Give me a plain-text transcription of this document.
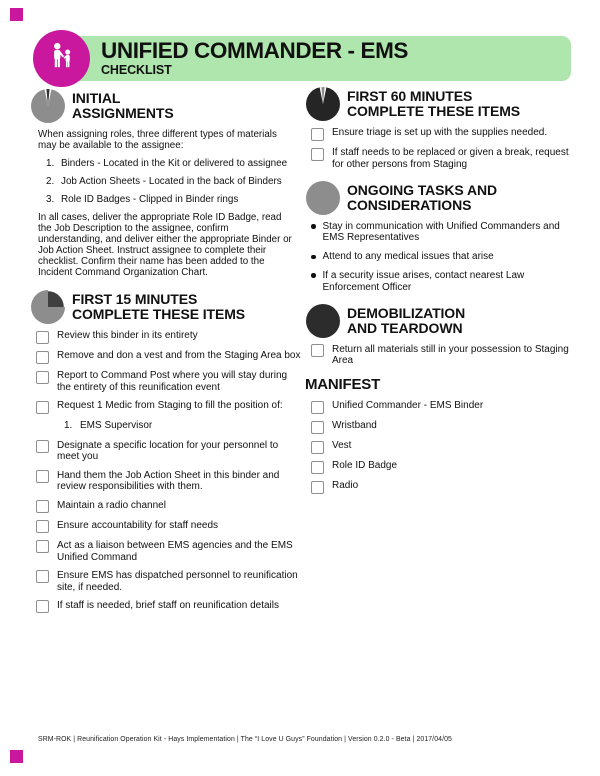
UNIFIED COMMANDER - EMS
CHECKLIST
INITIAL
ASSIGNMENTS

When assigning roles, three different types of materials may be available to the assignee:

1. Binders - Located in the Kit or delivered to assignee
2. Job Action Sheets - Located in the back of Binders
3. Role ID Badges - Clipped in Binder rings

In all cases, deliver the appropriate Role ID Badge, read the Job Description to the assignee, confirm understanding, and deliver either the appropriate Binder or Job Action Sheet. Instruct assignee to complete their checklist. Confirm their name has been added to the Incident Command Organization Chart.

FIRST 15 MINUTES
COMPLETE THESE ITEMS
Review this binder in its entirety
Remove and don a vest and from the Staging Area box
Report to Command Post where you will stay during the entirety of this reunification event
Request 1 Medic from Staging to fill the position of:
1. EMS Supervisor
Designate a specific location for your personnel to meet you
Hand them the Job Action Sheet in this binder and review responsibilities with them.
Maintain a radio channel
Ensure accountability for staff needs
Act as a liaison between EMS agencies and the EMS Unified Command
Ensure EMS has dispatched personnel to reunification site, if needed.
If staff is needed, brief staff on reunification details
FIRST 60 MINUTES
COMPLETE THESE ITEMS
Ensure triage is set up with the supplies needed.
If staff needs to be replaced or given a break, request for other persons from Staging
ONGOING TASKS AND
CONSIDERATIONS
Stay in communication with Unified Commanders and EMS Representatives
Attend to any medical issues that arise
If a security issue arises, contact nearest Law Enforcement Officer
DEMOBILIZATION
AND TEARDOWN
Return all materials still in your possession to Staging Area
MANIFEST
Unified Commander - EMS Binder
Wristband
Vest
Role ID Badge
Radio
SRM-ROK | Reunification Operation Kit - Hays Implementation | The “I Love U Guys” Foundation | Version 0.2.0 - Beta | 2017/04/05
